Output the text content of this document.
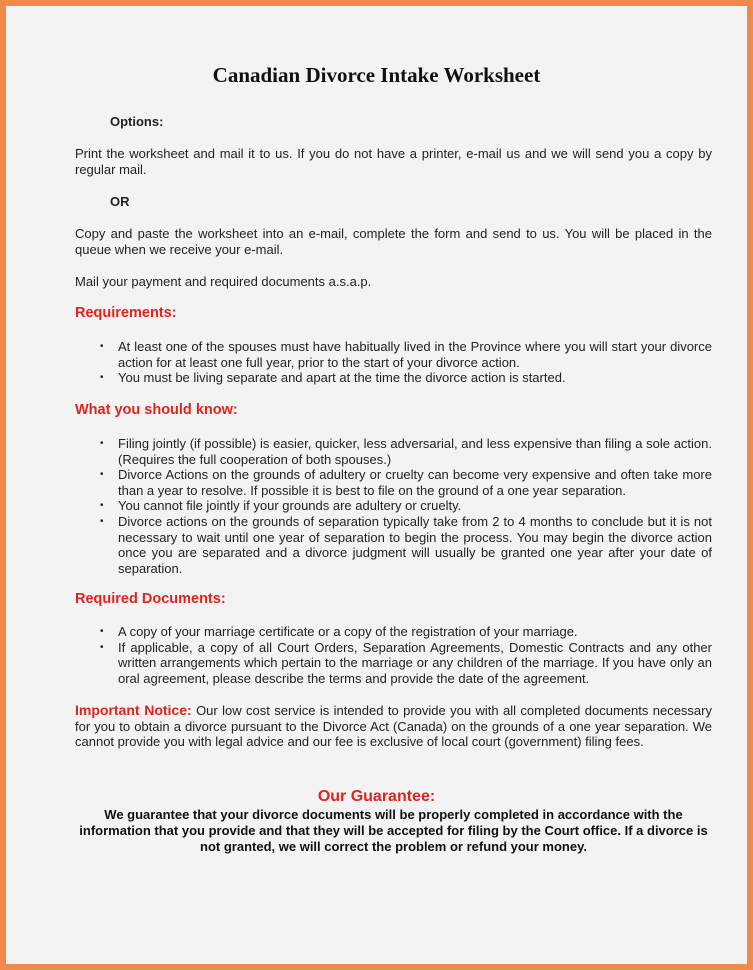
Canadian Divorce Intake Worksheet
Options:
Print the worksheet and mail it to us. If you do not have a printer, e-mail us and we will send you a copy by regular mail.
OR
Copy and paste the worksheet into an e-mail, complete the form and send to us. You will be placed in the queue when we receive your e-mail.
Mail your payment and required documents a.s.a.p.
Requirements:
• At least one of the spouses must have habitually lived in the Province where you will start your divorce action for at least one full year, prior to the start of your divorce action.
• You must be living separate and apart at the time the divorce action is started.
What you should know:
• Filing jointly (if possible) is easier, quicker, less adversarial, and less expensive than filing a sole action. (Requires the full cooperation of both spouses.)
• Divorce Actions on the grounds of adultery or cruelty can become very expensive and often take more than a year to resolve. If possible it is best to file on the ground of a one year separation.
• You cannot file jointly if your grounds are adultery or cruelty.
• Divorce actions on the grounds of separation typically take from 2 to 4 months to conclude but it is not necessary to wait until one year of separation to begin the process. You may begin the divorce action once you are separated and a divorce judgment will usually be granted one year after your date of separation.
Required Documents:
• A copy of your marriage certificate or a copy of the registration of your marriage.
• If applicable, a copy of all Court Orders, Separation Agreements, Domestic Contracts and any other written arrangements which pertain to the marriage or any children of the marriage. If you have only an oral agreement, please describe the terms and provide the date of the agreement.
Important Notice: Our low cost service is intended to provide you with all completed documents necessary for you to obtain a divorce pursuant to the Divorce Act (Canada) on the grounds of a one year separation. We cannot provide you with legal advice and our fee is exclusive of local court (government) filing fees.
Our Guarantee:
We guarantee that your divorce documents will be properly completed in accordance with the information that you provide and that they will be accepted for filing by the Court office. If a divorce is not granted, we will correct the problem or refund your money.
